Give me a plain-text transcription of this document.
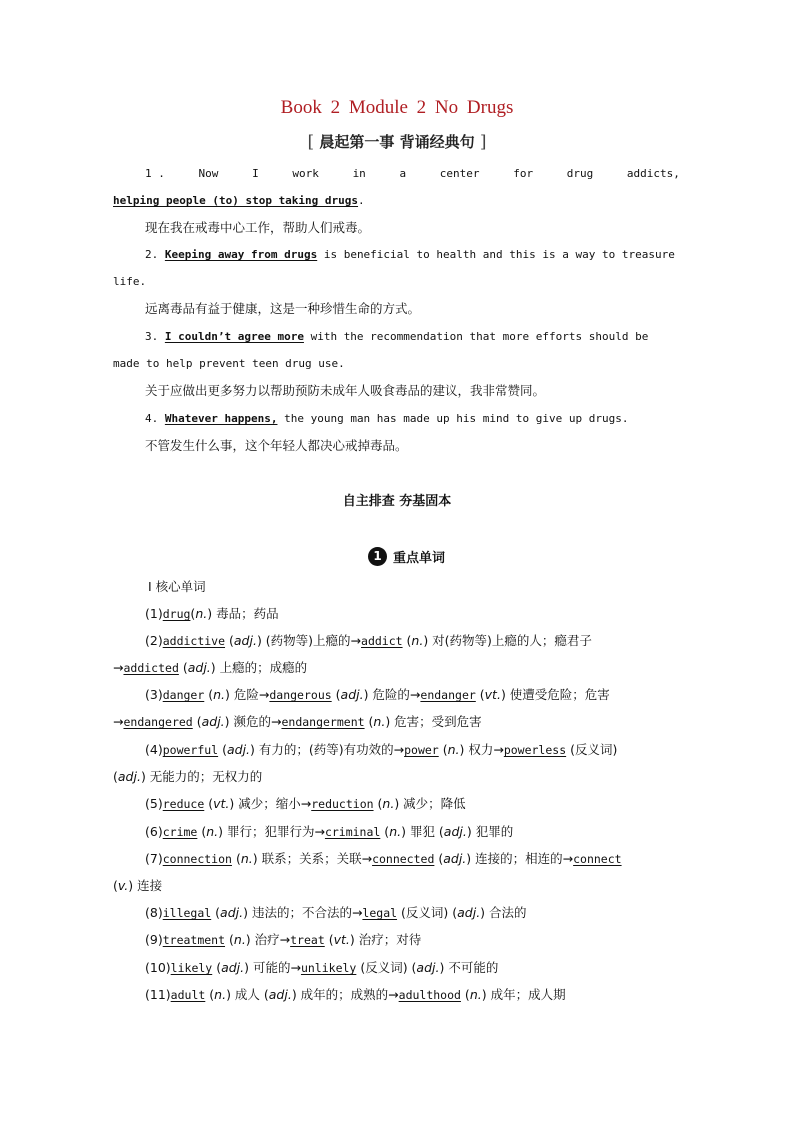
Book 2 Module 2 No Drugs
[ 晨起第一事 背诵经典句 ]
1 .	Now	I	work	in	a	center	for	drug	addicts,
helping people (to) stop taking drugs.
现在我在戒毒中心工作，帮助人们戒毒。
2. Keeping away from drugs is beneficial to health and this is a way to treasure
life.
远离毒品有益于健康，这是一种珍惜生命的方式。
3. I couldn’t agree more with the recommendation that more efforts should be
made to help prevent teen drug use.
关于应做出更多努力以帮助预防未成年人吸食毒品的建议，我非常赞同。
4. Whatever happens, the young man has made up his mind to give up drugs.
不管发生什么事，这个年轻人都决心戒掉毒品。
自主排查 夯基固本
1 重点单词
Ⅰ 核心单词
(1)drug(n.) 毒品；药品
(2)addictive (adj.) (药物等)上瘾的→addict (n.) 对(药物等)上瘾的人；瘾君子
→addicted (adj.) 上瘾的；成瘾的
(3)danger (n.) 危险→dangerous (adj.) 危险的→endanger (vt.) 使遭受危险；危害
→endangered (adj.) 濒危的→endangerment (n.) 危害；受到危害
(4)powerful (adj.) 有力的；(药等)有功效的→power (n.) 权力→powerless (反义词)
(adj.) 无能力的；无权力的
(5)reduce (vt.) 减少；缩小→reduction (n.) 减少；降低
(6)crime (n.) 罪行；犯罪行为→criminal (n.) 罪犯 (adj.) 犯罪的
(7)connection (n.) 联系；关系；关联→connected (adj.) 连接的；相连的→connect
(v.) 连接
(8)illegal (adj.) 违法的；不合法的→legal (反义词) (adj.) 合法的
(9)treatment (n.) 治疗→treat (vt.) 治疗；对待
(10)likely (adj.) 可能的→unlikely (反义词) (adj.) 不可能的
(11)adult (n.) 成人 (adj.) 成年的；成熟的→adulthood (n.) 成年；成人期
